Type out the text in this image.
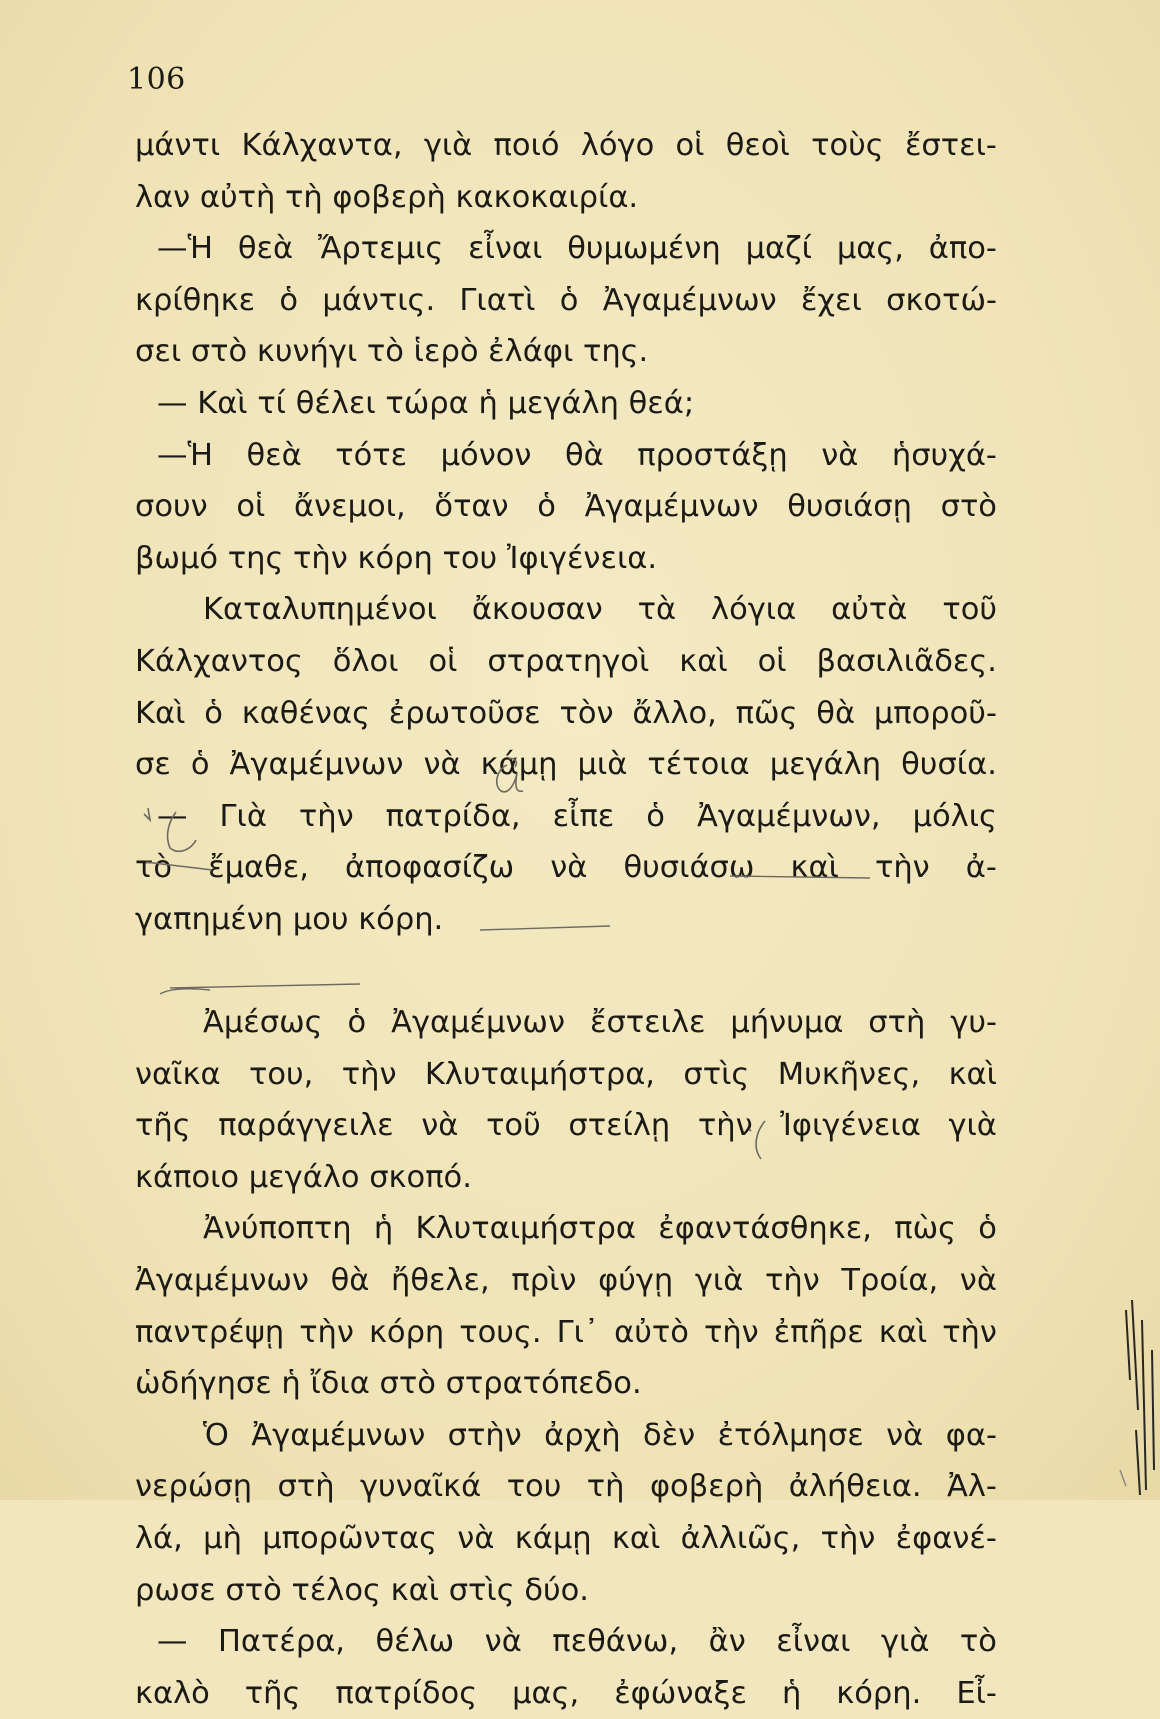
106
μάντι Κάλχαντα, γιὰ ποιό λόγο οἱ θεοὶ τοὺς ἔστει-
λαν αὐτὴ τὴ φοβερὴ κακοκαιρία.
—Ἡ θεὰ Ἄρτεμις εἶναι θυμωμένη μαζί μας, ἀπο-
κρίθηκε ὁ μάντις. Γιατὶ ὁ Ἀγαμέμνων ἔχει σκοτώ-
σει στὸ κυνήγι τὸ ἱερὸ ἐλάφι της.
— Καὶ τί θέλει τώρα ἡ μεγάλη θεά;
—Ἡ θεὰ τότε μόνον θὰ προστάξῃ νὰ ἡσυχά-
σουν οἱ ἄνεμοι, ὅταν ὁ Ἀγαμέμνων θυσιάσῃ στὸ
βωμό της τὴν κόρη του Ἰφιγένεια.
Καταλυπημένοι ἄκουσαν τὰ λόγια αὐτὰ τοῦ
Κάλχαντος ὅλοι οἱ στρατηγοὶ καὶ οἱ βασιλιᾶδες.
Καὶ ὁ καθένας ἐρωτοῦσε τὸν ἄλλο, πῶς θὰ μποροῦ-
σε ὁ Ἀγαμέμνων νὰ κάμῃ μιὰ τέτοια μεγάλη θυσία.
— Γιὰ τὴν πατρίδα, εἶπε ὁ Ἀγαμέμνων, μόλις
τὸ ἔμαθε, ἀποφασίζω νὰ θυσιάσω καὶ τὴν ἀ-
γαπημένη μου κόρη.
Ἀμέσως ὁ Ἀγαμέμνων ἔστειλε μήνυμα στὴ γυ-
ναῖκα του, τὴν Κλυταιμήστρα, στὶς Μυκῆνες, καὶ
τῆς παράγγειλε νὰ τοῦ στείλῃ τὴν Ἰφιγένεια γιὰ
κάποιο μεγάλο σκοπό.
Ἀνύποπτη ἡ Κλυταιμήστρα ἐφαντάσθηκε, πὼς ὁ
Ἀγαμέμνων θὰ ἤθελε, πρὶν φύγῃ γιὰ τὴν Τροία, νὰ
παντρέψῃ τὴν κόρη τους. Γι᾿ αὐτὸ τὴν ἐπῆρε καὶ τὴν
ὡδήγησε ἡ ἴδια στὸ στρατόπεδο.
Ὁ Ἀγαμέμνων στὴν ἀρχὴ δὲν ἐτόλμησε νὰ φα-
νερώσῃ στὴ γυναῖκά του τὴ φοβερὴ ἀλήθεια. Ἀλ-
λά, μὴ μπορῶντας νὰ κάμῃ καὶ ἀλλιῶς, τὴν ἐφανέ-
ρωσε στὸ τέλος καὶ στὶς δύο.
— Πατέρα, θέλω νὰ πεθάνω, ἂν εἶναι γιὰ τὸ
καλὸ τῆς πατρίδος μας, ἐφώναξε ἡ κόρη. Εἶ-
